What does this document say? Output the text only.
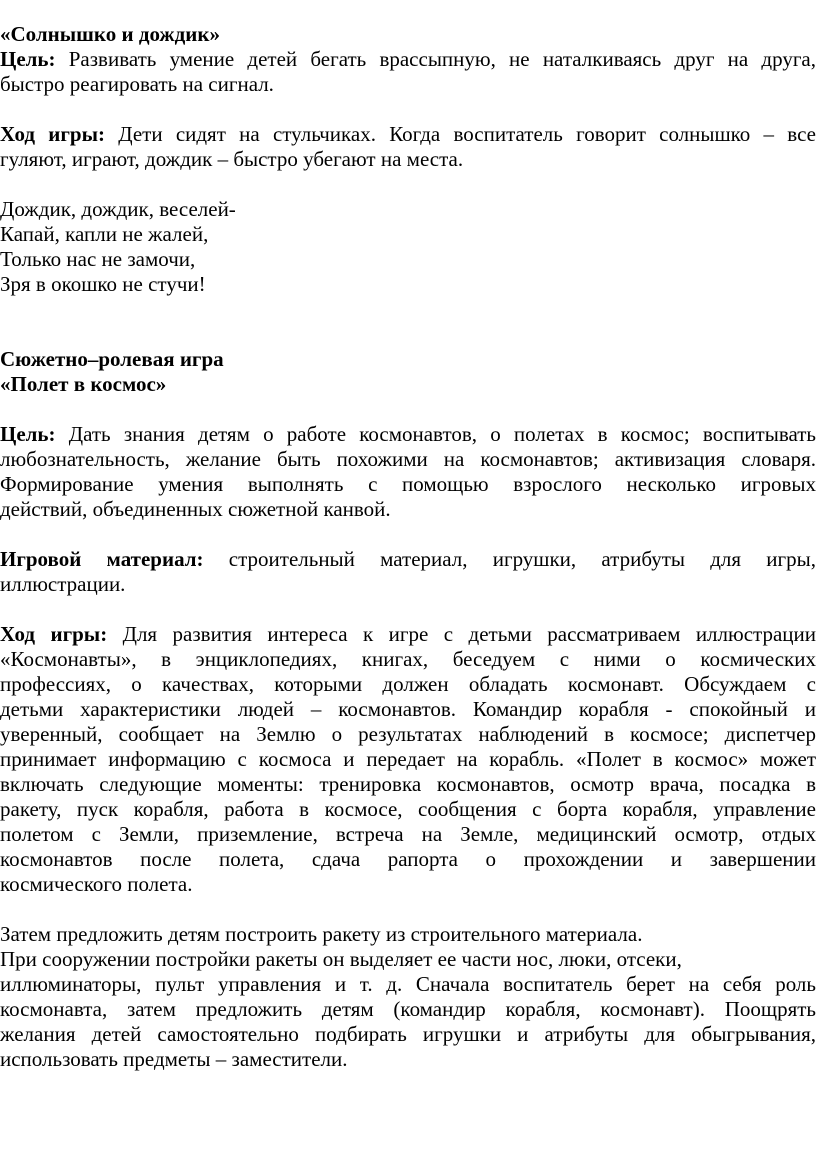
«Солнышко и дождик»
Цель: Развивать умение детей бегать врассыпную, не наталкиваясь друг на друга,
быстро реагировать на сигнал.
Ход игры: Дети сидят на стульчиках. Когда воспитатель говорит солнышко – все
гуляют, играют, дождик – быстро убегают на места.
Дождик, дождик, веселей-
Капай, капли не жалей,
Только нас не замочи,
Зря в окошко не стучи!
Сюжетно–ролевая игра
«Полет в космос»
Цель: Дать знания детям о работе космонавтов, о полетах в космос; воспитывать
любознательность, желание быть похожими на космонавтов; активизация словаря.
Формирование умения выполнять с помощью взрослого несколько игровых
действий, объединенных сюжетной канвой.
Игровой материал: строительный материал, игрушки, атрибуты для игры,
иллюстрации.
Ход игры: Для развития интереса к игре с детьми рассматриваем иллюстрации
«Космонавты», в энциклопедиях, книгах, беседуем с ними о космических
профессиях, о качествах, которыми должен обладать космонавт. Обсуждаем с
детьми характеристики людей – космонавтов. Командир корабля - спокойный и
уверенный, сообщает на Землю о результатах наблюдений в космосе; диспетчер
принимает информацию с космоса и передает на корабль. «Полет в космос» может
включать следующие моменты: тренировка космонавтов, осмотр врача, посадка в
ракету, пуск корабля, работа в космосе, сообщения с борта корабля, управление
полетом с Земли, приземление, встреча на Земле, медицинский осмотр, отдых
космонавтов после полета, сдача рапорта о прохождении и завершении
космического полета.
Затем предложить детям построить ракету из строительного материала.
При сооружении постройки ракеты он выделяет ее части нос, люки, отсеки,
иллюминаторы, пульт управления и т. д. Сначала воспитатель берет на себя роль
космонавта, затем предложить детям (командир корабля, космонавт). Поощрять
желания детей самостоятельно подбирать игрушки и атрибуты для обыгрывания,
использовать предметы – заместители.
